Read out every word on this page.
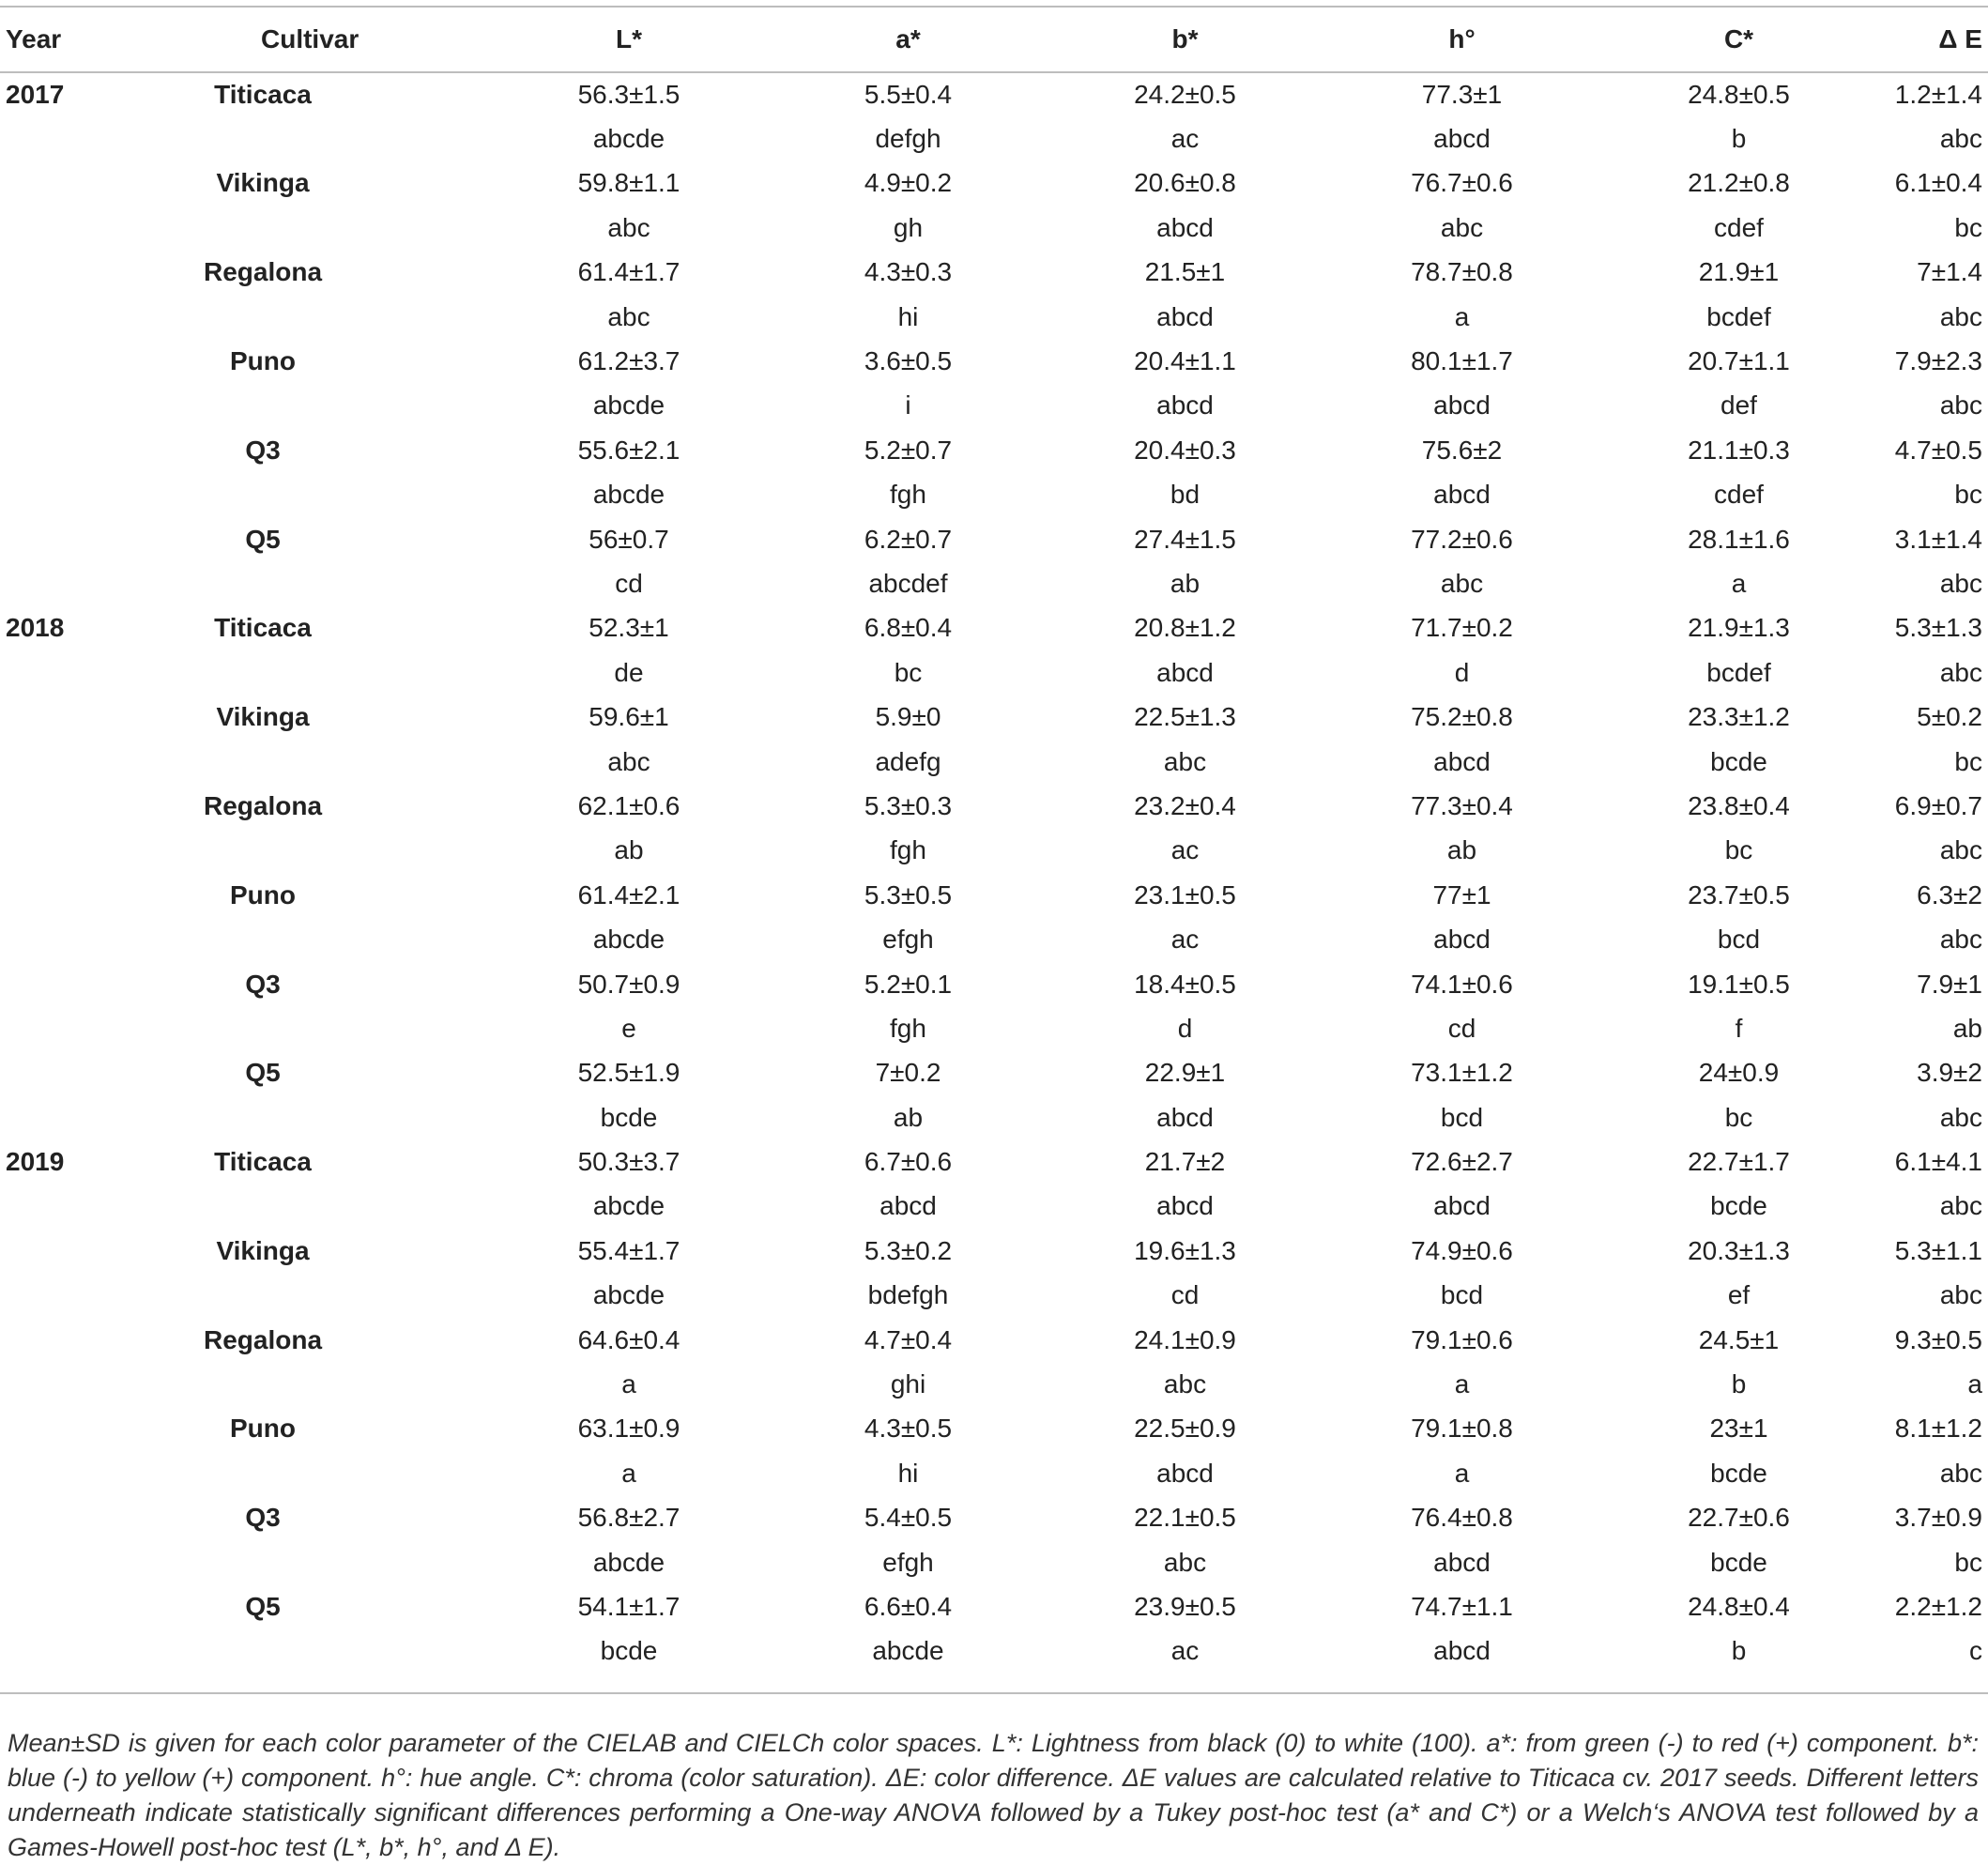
Year	Cultivar	L*	a*	b*	h°	C*	Δ E
2017	Titicaca	56.3±1.5	5.5±0.4	24.2±0.5	77.3±1	24.8±0.5	1.2±1.4
		abcde	defgh	ac	abcd	b	abc
	Vikinga	59.8±1.1	4.9±0.2	20.6±0.8	76.7±0.6	21.2±0.8	6.1±0.4
		abc	gh	abcd	abc	cdef	bc
	Regalona	61.4±1.7	4.3±0.3	21.5±1	78.7±0.8	21.9±1	7±1.4
		abc	hi	abcd	a	bcdef	abc
	Puno	61.2±3.7	3.6±0.5	20.4±1.1	80.1±1.7	20.7±1.1	7.9±2.3
		abcde	i	abcd	abcd	def	abc
	Q3	55.6±2.1	5.2±0.7	20.4±0.3	75.6±2	21.1±0.3	4.7±0.5
		abcde	fgh	bd	abcd	cdef	bc
	Q5	56±0.7	6.2±0.7	27.4±1.5	77.2±0.6	28.1±1.6	3.1±1.4
		cd	abcdef	ab	abc	a	abc
2018	Titicaca	52.3±1	6.8±0.4	20.8±1.2	71.7±0.2	21.9±1.3	5.3±1.3
		de	bc	abcd	d	bcdef	abc
	Vikinga	59.6±1	5.9±0	22.5±1.3	75.2±0.8	23.3±1.2	5±0.2
		abc	adefg	abc	abcd	bcde	bc
	Regalona	62.1±0.6	5.3±0.3	23.2±0.4	77.3±0.4	23.8±0.4	6.9±0.7
		ab	fgh	ac	ab	bc	abc
	Puno	61.4±2.1	5.3±0.5	23.1±0.5	77±1	23.7±0.5	6.3±2
		abcde	efgh	ac	abcd	bcd	abc
	Q3	50.7±0.9	5.2±0.1	18.4±0.5	74.1±0.6	19.1±0.5	7.9±1
		e	fgh	d	cd	f	ab
	Q5	52.5±1.9	7±0.2	22.9±1	73.1±1.2	24±0.9	3.9±2
		bcde	ab	abcd	bcd	bc	abc
2019	Titicaca	50.3±3.7	6.7±0.6	21.7±2	72.6±2.7	22.7±1.7	6.1±4.1
		abcde	abcd	abcd	abcd	bcde	abc
	Vikinga	55.4±1.7	5.3±0.2	19.6±1.3	74.9±0.6	20.3±1.3	5.3±1.1
		abcde	bdefgh	cd	bcd	ef	abc
	Regalona	64.6±0.4	4.7±0.4	24.1±0.9	79.1±0.6	24.5±1	9.3±0.5
		a	ghi	abc	a	b	a
	Puno	63.1±0.9	4.3±0.5	22.5±0.9	79.1±0.8	23±1	8.1±1.2
		a	hi	abcd	a	bcde	abc
	Q3	56.8±2.7	5.4±0.5	22.1±0.5	76.4±0.8	22.7±0.6	3.7±0.9
		abcde	efgh	abc	abcd	bcde	bc
	Q5	54.1±1.7	6.6±0.4	23.9±0.5	74.7±1.1	24.8±0.4	2.2±1.2
		bcde	abcde	ac	abcd	b	c

Mean±SD is given for each color parameter of the CIELAB and CIELCh color spaces. L*: Lightness from black (0) to white (100). a*: from green (-) to red (+) component. b*: blue (-) to yellow (+) component. h°: hue angle. C*: chroma (color saturation). ΔE: color difference. ΔE values are calculated relative to Titicaca cv. 2017 seeds. Different letters underneath indicate statistically significant differences performing a One-way ANOVA followed by a Tukey post-hoc test (a* and C*) or a Welch‘s ANOVA test followed by a Games-Howell post-hoc test (L*, b*, h°, and Δ E).
